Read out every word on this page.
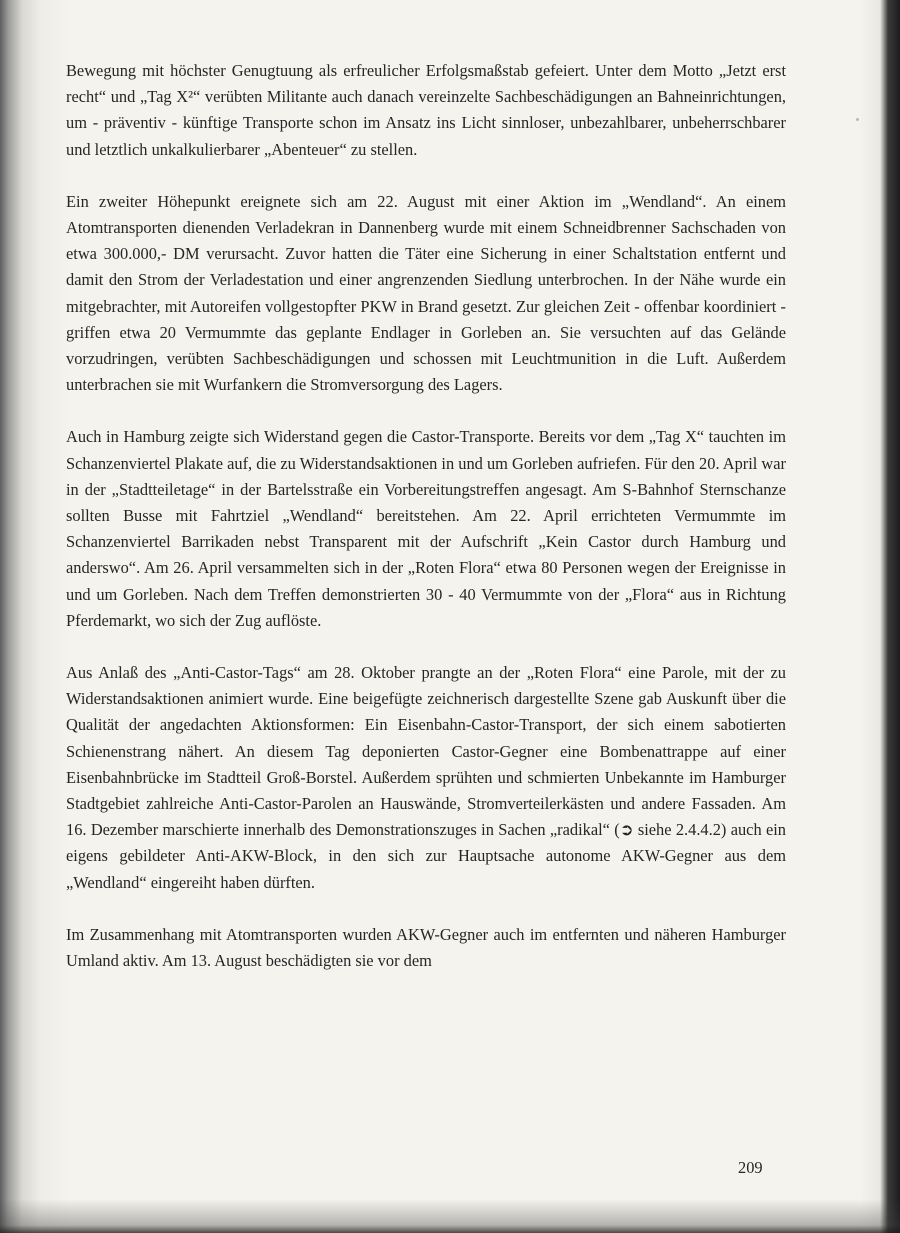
Bewegung mit höchster Genugtuung als erfreulicher Erfolgsmaßstab gefeiert. Unter dem Motto „Jetzt erst recht“ und „Tag X²“ verübten Militante auch danach vereinzelte Sachbeschädigungen an Bahneinrichtungen, um - präventiv - künftige Transporte schon im Ansatz ins Licht sinnloser, unbezahlbarer, unbeherrschbarer und letztlich unkalkulierbarer „Abenteuer“ zu stellen.

Ein zweiter Höhepunkt ereignete sich am 22. August mit einer Aktion im „Wendland“. An einem Atomtransporten dienenden Verladekran in Dannenberg wurde mit einem Schneidbrenner Sachschaden von etwa 300.000,- DM verursacht. Zuvor hatten die Täter eine Sicherung in einer Schaltstation entfernt und damit den Strom der Verladestation und einer angrenzenden Siedlung unterbrochen. In der Nähe wurde ein mitgebrachter, mit Autoreifen vollgestopfter PKW in Brand gesetzt. Zur gleichen Zeit - offenbar koordiniert - griffen etwa 20 Vermummte das geplante Endlager in Gorleben an. Sie versuchten auf das Gelände vorzudringen, verübten Sachbeschädigungen und schossen mit Leuchtmunition in die Luft. Außerdem unterbrachen sie mit Wurfankern die Stromversorgung des Lagers.

Auch in Hamburg zeigte sich Widerstand gegen die Castor-Transporte. Bereits vor dem „Tag X“ tauchten im Schanzenviertel Plakate auf, die zu Widerstandsaktionen in und um Gorleben aufriefen. Für den 20. April war in der „Stadtteiletage“ in der Bartelsstraße ein Vorbereitungstreffen angesagt. Am S-Bahnhof Sternschanze sollten Busse mit Fahrtziel „Wendland“ bereitstehen. Am 22. April errichteten Vermummte im Schanzenviertel Barrikaden nebst Transparent mit der Aufschrift „Kein Castor durch Hamburg und anderswo“. Am 26. April versammelten sich in der „Roten Flora“ etwa 80 Personen wegen der Ereignisse in und um Gorleben. Nach dem Treffen demonstrierten 30 - 40 Vermummte von der „Flora“ aus in Richtung Pferdemarkt, wo sich der Zug auflöste.

Aus Anlaß des „Anti-Castor-Tags“ am 28. Oktober prangte an der „Roten Flora“ eine Parole, mit der zu Widerstandsaktionen animiert wurde. Eine beigefügte zeichnerisch dargestellte Szene gab Auskunft über die Qualität der angedachten Aktionsformen: Ein Eisenbahn-Castor-Transport, der sich einem sabotierten Schienenstrang nähert. An diesem Tag deponierten Castor-Gegner eine Bombenattrappe auf einer Eisenbahnbrücke im Stadtteil Groß-Borstel. Außerdem sprühten und schmierten Unbekannte im Hamburger Stadtgebiet zahlreiche Anti-Castor-Parolen an Hauswände, Stromverteilerkästen und andere Fassaden. Am 16. Dezember marschierte innerhalb des Demonstrationszuges in Sachen „radikal“ (➲ siehe 2.4.4.2) auch ein eigens gebildeter Anti-AKW-Block, in den sich zur Hauptsache autonome AKW-Gegner aus dem „Wendland“ eingereiht haben dürften.

Im Zusammenhang mit Atomtransporten wurden AKW-Gegner auch im entfernten und näheren Hamburger Umland aktiv. Am 13. August beschädigten sie vor dem

209
